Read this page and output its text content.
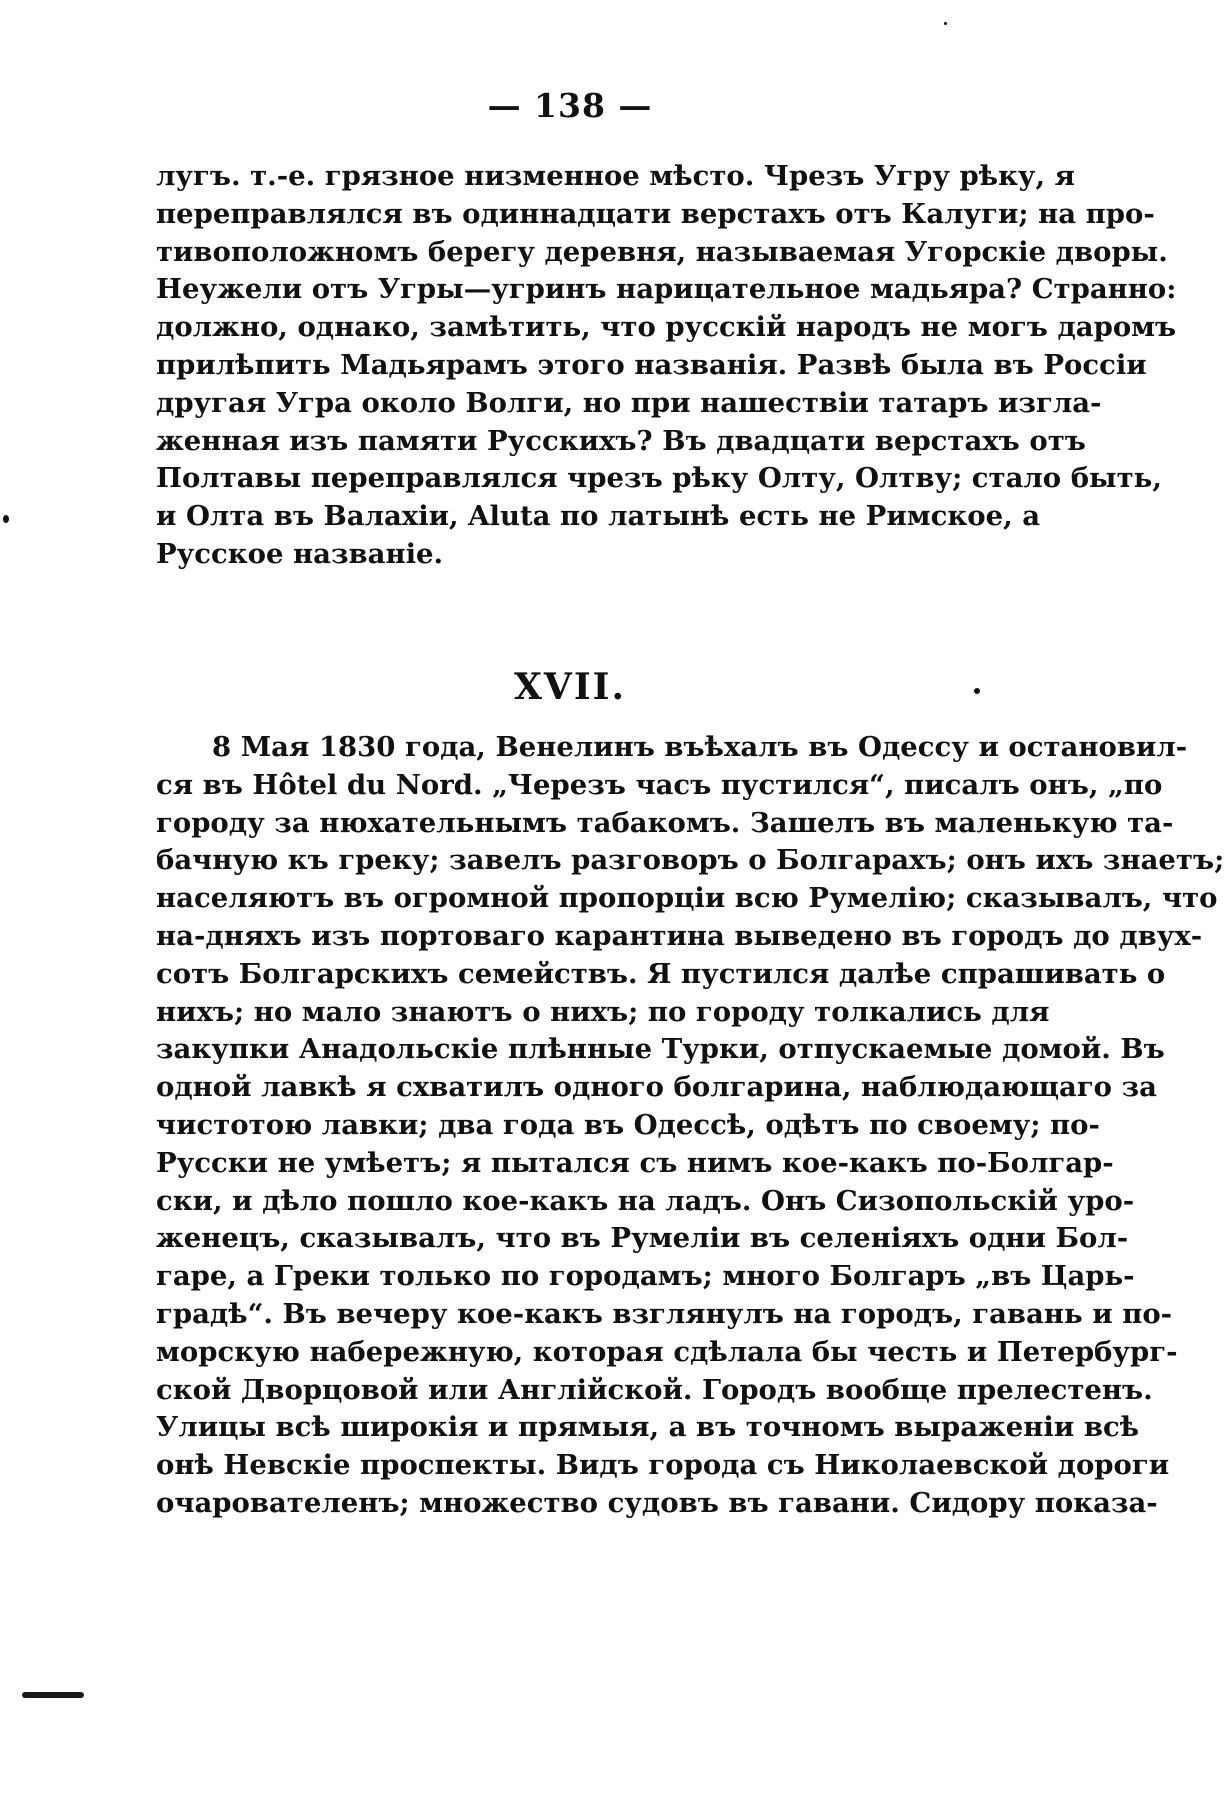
— 138 —
лугъ. т.-е. грязное низменное мѣсто. Чрезъ Угру рѣку, я
переправлялся въ одиннадцати верстахъ отъ Калуги; на про-
тивоположномъ берегу деревня, называемая Угорскіе дворы.
Неужели отъ Угры—угринъ нарицательное мадьяра? Странно:
должно, однако, замѣтить, что русскій народъ не могъ даромъ
прилѣпить Мадьярамъ этого названія. Развѣ была въ Россіи
другая Угра около Волги, но при нашествіи татаръ изгла-
женная изъ памяти Русскихъ? Въ двадцати верстахъ отъ
Полтавы переправлялся чрезъ рѣку Олту, Олтву; стало быть,
и Олта въ Валахіи, Aluta по латынѣ есть не Римское, а
Русское названіе.
XVII.
8 Мая 1830 года, Венелинъ въѣхалъ въ Одессу и остановил-
ся въ Hôtel du Nord. „Черезъ часъ пустился“, писалъ онъ, „по
городу за нюхательнымъ табакомъ. Зашелъ въ маленькую та-
бачную къ греку; завелъ разговоръ о Болгарахъ; онъ ихъ знаетъ;
населяютъ въ огромной пропорціи всю Румелію; сказывалъ, что
на-дняхъ изъ портоваго карантина выведено въ городъ до двух-
сотъ Болгарскихъ семействъ. Я пустился далѣе спрашивать о
нихъ; но мало знаютъ о нихъ; по городу толкались для
закупки Анадольскіе плѣнные Турки, отпускаемые домой. Въ
одной лавкѣ я схватилъ одного болгарина, наблюдающаго за
чистотою лавки; два года въ Одессѣ, одѣтъ по своему; по-
Русски не умѣетъ; я пытался съ нимъ кое-какъ по-Болгар-
ски, и дѣло пошло кое-какъ на ладъ. Онъ Сизопольскій уро-
женецъ, сказывалъ, что въ Румеліи въ селеніяхъ одни Бол-
гаре, а Греки только по городамъ; много Болгаръ „въ Царь-
градѣ“. Въ вечеру кое-какъ взглянулъ на городъ, гавань и по-
морскую набережную, которая сдѣлала бы честь и Петербург-
ской Дворцовой или Англійской. Городъ вообще прелестенъ.
Улицы всѣ широкія и прямыя, а въ точномъ выраженіи всѣ
онѣ Невскіе проспекты. Видъ города съ Николаевской дороги
очарователенъ; множество судовъ въ гавани. Сидору показа-
